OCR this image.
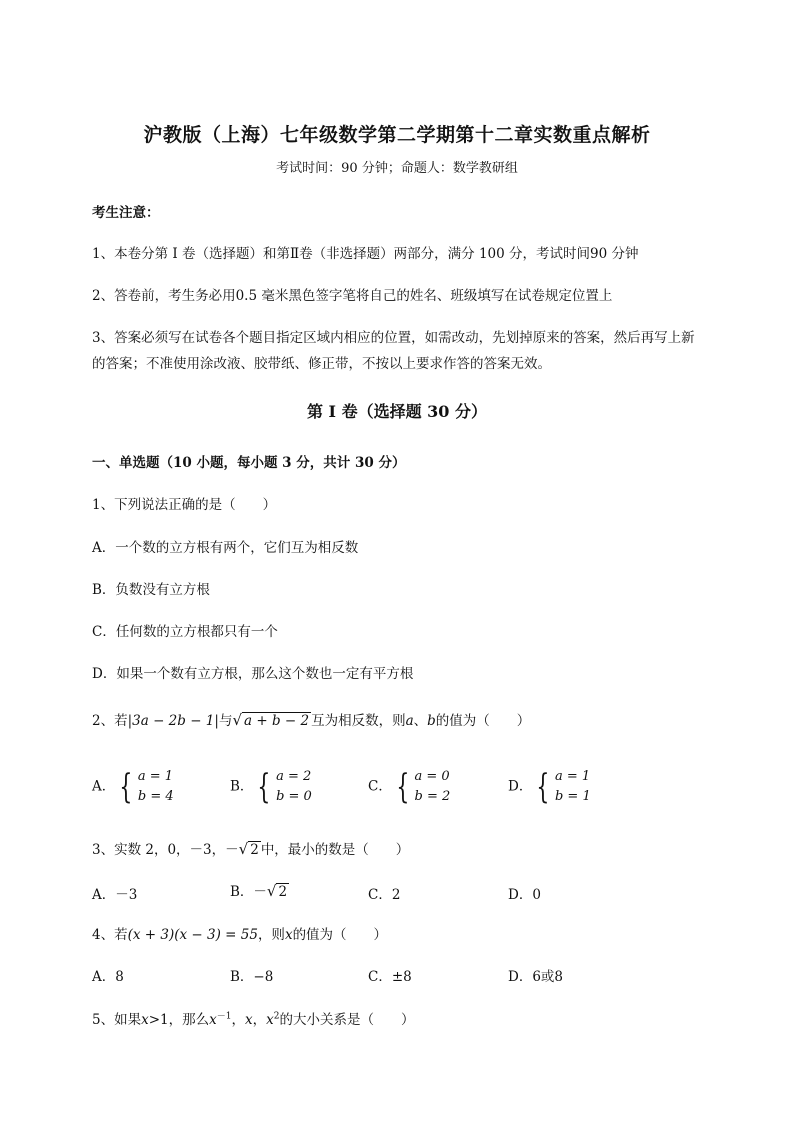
沪教版（上海）七年级数学第二学期第十二章实数重点解析
考试时间：90 分钟；命题人：数学教研组
考生注意：
1、本卷分第 I 卷（选择题）和第Ⅱ卷（非选择题）两部分，满分 100 分，考试时间90 分钟
2、答卷前，考生务必用0.5 毫米黑色签字笔将自己的姓名、班级填写在试卷规定位置上
3、答案必须写在试卷各个题目指定区域内相应的位置，如需改动，先划掉原来的答案，然后再写上新
的答案；不准使用涂改液、胶带纸、修正带，不按以上要求作答的答案无效。
第 I 卷（选择题 30 分）
一、单选题（10 小题，每小题 3 分，共计 30 分）
1、下列说法正确的是（　　）
A．一个数的立方根有两个，它们互为相反数
B．负数没有立方根
C．任何数的立方根都只有一个
D．如果一个数有立方根，那么这个数也一定有平方根
2、若|3a − 2b − 1|与 √ a + b − 2 互为相反数，则a、b的值为（　　）
A． { a = 1
b = 4
B． { a = 2
b = 0
C． { a = 0
b = 2
D． { a = 1
b = 1
3、实数 2，0，－3，－ √ 2 中，最小的数是（　　）
A．－3	B．－ √ 2	C．2	D．0
4、若(x + 3)(x − 3) = 55，则x的值为（　　）
A．8	B．−8	C．±8	D．6或8
5、如果x>1，那么$x^{-1}$，x，$x^2$的大小关系是（　　）
